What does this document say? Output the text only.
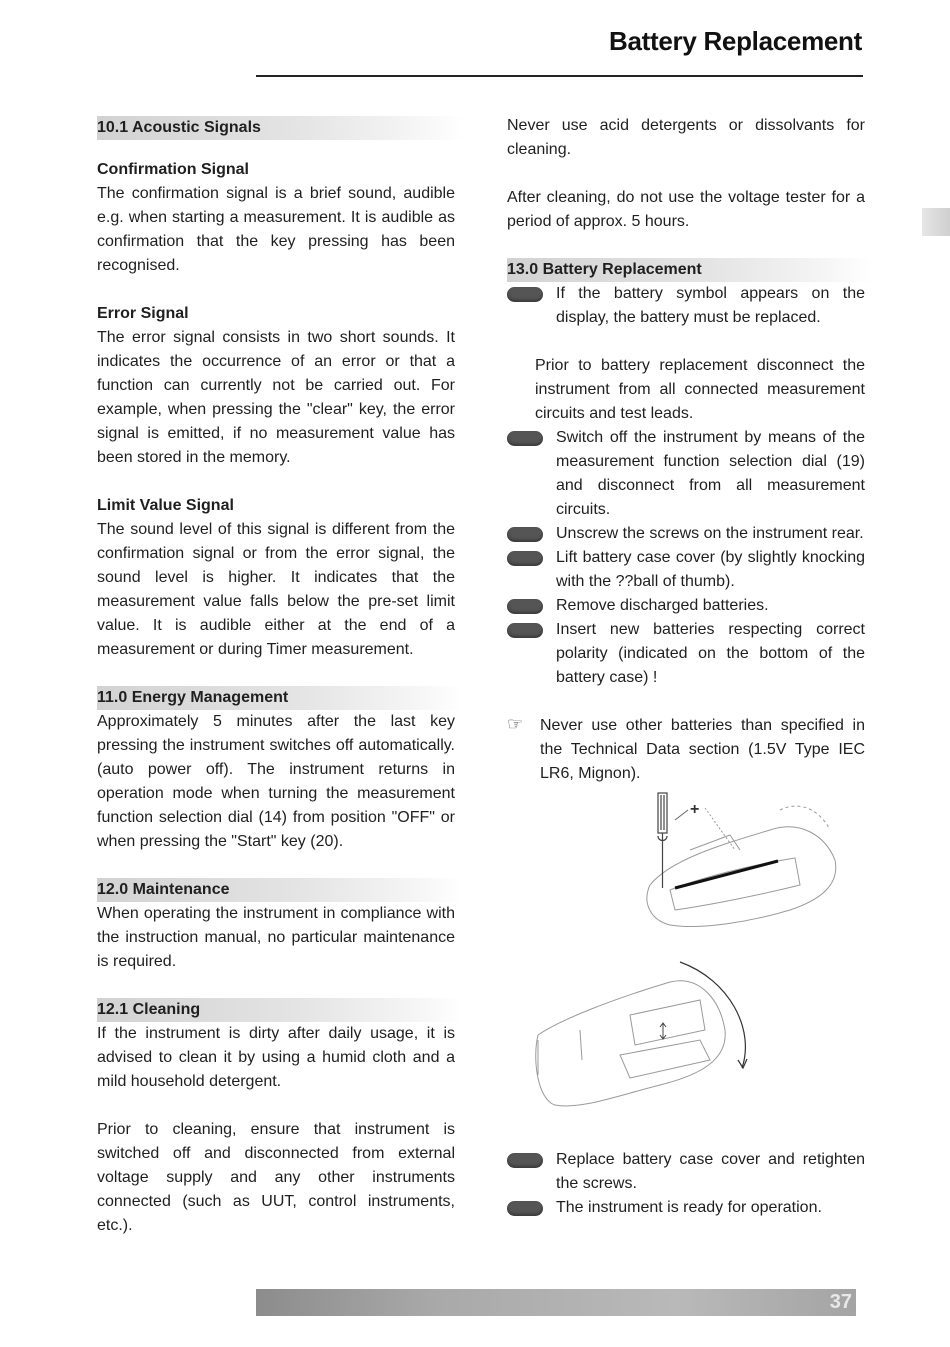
Battery Replacement
10.1 Acoustic Signals
Confirmation Signal

The confirmation signal is a brief sound, audible e.g. when starting a measurement. It is audible as confirmation that the key pressing has been recognised.

Error Signal

The error signal consists in two short sounds. It indicates the occurrence of an error or that a function can currently not be carried out. For example, when pressing the "clear" key, the error signal is emitted, if no measurement value has been stored in the memory.

Limit Value Signal

The sound level of this signal is different from the confirmation signal or from the error signal, the sound level is higher. It indicates that the measurement value falls below the pre-set limit value. It is audible either at the end of a measurement or during Timer measurement.

11.0 Energy Management

Approximately 5 minutes after the last key pressing the instrument switches off automatically. (auto power off). The instrument returns in operation mode when turning the measurement function selection dial (14) from position "OFF" or when pressing the "Start" key (20).

12.0 Maintenance

When operating the instrument in compliance with the instruction manual, no particular maintenance is required.

12.1 Cleaning

If the instrument is dirty after daily usage, it is advised to clean it by using a humid cloth and a mild household detergent.

Prior to cleaning, ensure that instrument is switched off and disconnected from external voltage supply and any other instruments connected (such as UUT, control instruments, etc.).

Never use acid detergents or dissolvants for cleaning.

After cleaning, do not use the voltage tester for a period of approx. 5 hours.

13.0 Battery Replacement
If the battery symbol appears on the display, the battery must be replaced.
Prior to battery replacement disconnect the instrument from all connected measurement circuits and test leads.
Switch off the instrument by means of the measurement function selection dial (19) and disconnect from all measurement circuits.
Unscrew the screws on the instrument rear.
Lift battery case cover (by slightly knocking with the ??ball of thumb).
Remove discharged batteries.
Insert new batteries respecting correct polarity (indicated on the bottom of the battery case) !
☞ Never use other batteries than specified in the Technical Data section (1.5V Type IEC LR6, Mignon).
+
Replace battery case cover and retighten the screws.
The instrument is ready for operation.
37
